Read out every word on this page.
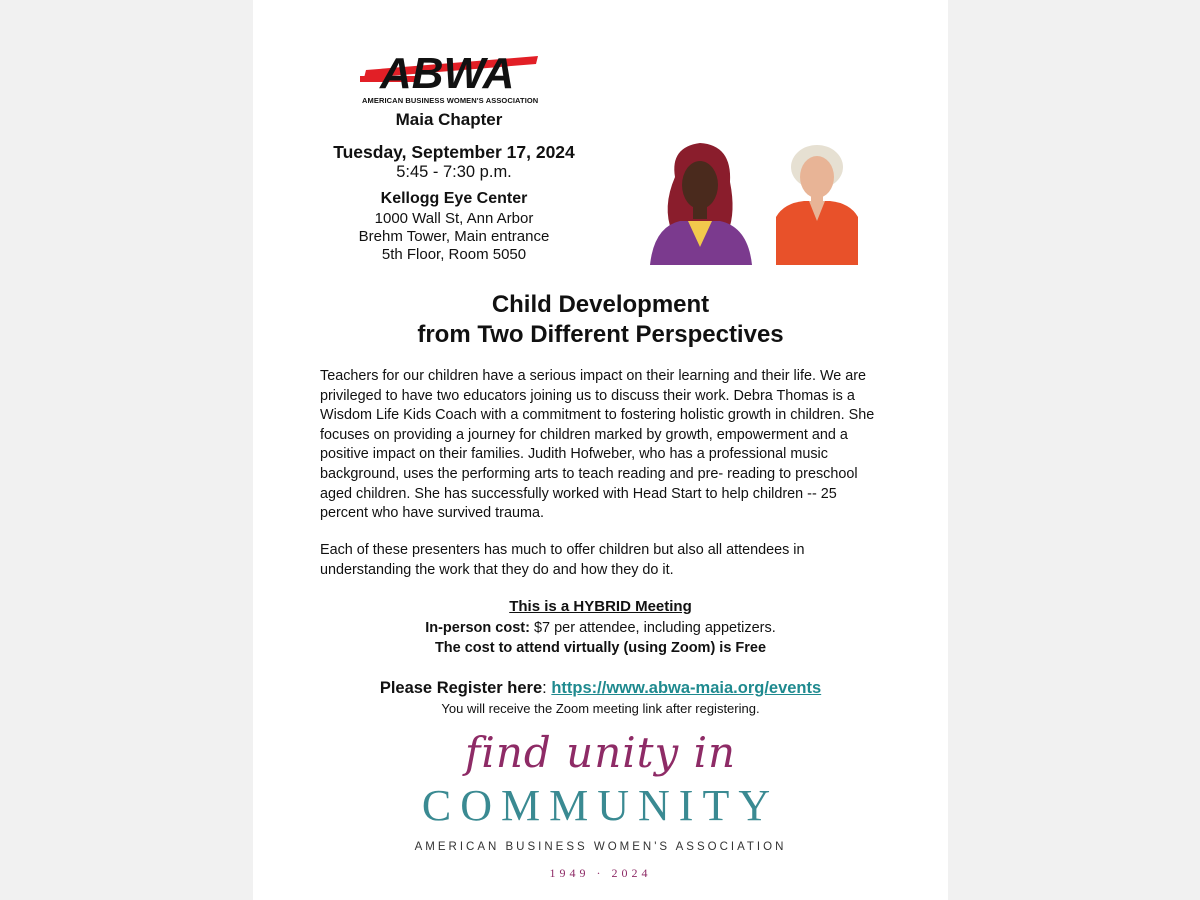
ABWA
AMERICAN BUSINESS WOMEN'S ASSOCIATION
Maia Chapter
Tuesday, September 17, 2024
5:45 - 7:30 p.m.
Kellogg Eye Center
1000 Wall St, Ann Arbor
Brehm Tower, Main entrance
5th Floor, Room 5050
Child Development
from Two Different Perspectives
Teachers for our children have a serious impact on their learning and their life. We are privileged to have two educators joining us to discuss their work. Debra Thomas is a Wisdom Life Kids Coach with a commitment to fostering holistic growth in children. She focuses on providing a journey for children marked by growth, empowerment and a positive impact on their families. Judith Hofweber, who has a professional music background, uses the performing arts to teach reading and pre- reading to preschool aged children. She has successfully worked with Head Start to help children -- 25 percent who have survived trauma.
Each of these presenters has much to offer children but also all attendees in understanding the work that they do and how they do it.
This is a HYBRID Meeting
In-person cost: $7 per attendee, including appetizers.
The cost to attend virtually (using Zoom) is Free
Please Register here: https://www.abwa-maia.org/events
You will receive the Zoom meeting link after registering.
find unity in
COMMUNITY
AMERICAN BUSINESS WOMEN'S ASSOCIATION
1949 · 2024
